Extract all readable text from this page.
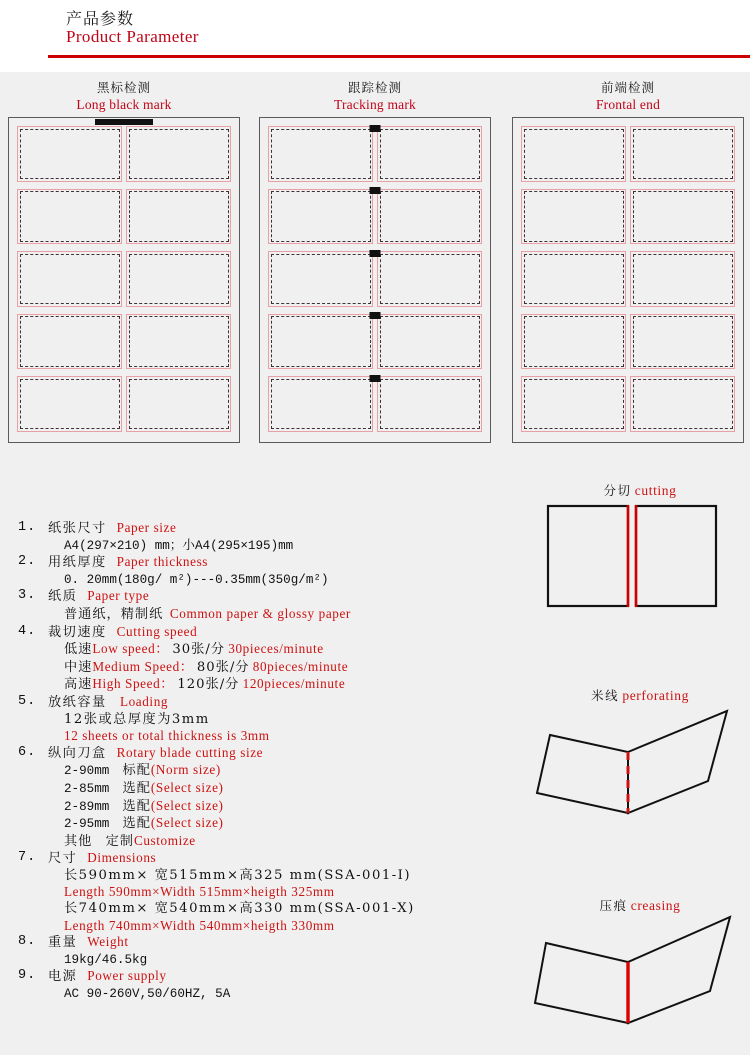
产品参数
Product Parameter
黑标检测
Long black mark
跟踪检测
Tracking mark
前端检测
Frontal end
1. 纸张尺寸 Paper size
A4(297×210) mm；小A4(295×195)mm
2. 用纸厚度 Paper thickness
0. 20mm(180g/ m²)---0.35mm(350g/m²)
3. 纸质 Paper type
普通纸，精制纸 Common paper & glossy paper
4. 裁切速度 Cutting speed
低速Low speed： 30张/分 30pieces/minute
中速Medium Speed： 80张/分 80pieces/minute
高速High Speed： 120张/分 120pieces/minute
5. 放纸容量 Loading
12张或总厚度为3mm
12 sheets or total thickness is 3mm
6. 纵向刀盒 Rotary blade cutting size
2-90mm 标配(Norm size)
2-85mm 选配(Select size)
2-89mm 选配(Select size)
2-95mm 选配(Select size)
其他 定制Customize
7. 尺寸 Dimensions
长590mm× 宽515mm×高325 mm(SSA-001-I)
Length 590mm×Width 515mm×heigth 325mm
长740mm× 宽540mm×高330 mm(SSA-001-X)
Length 740mm×Width 540mm×heigth 330mm
8. 重量 Weight
19kg/46.5kg
9. 电源 Power supply
AC 90-260V,50/60HZ, 5A
分切 cutting
米线 perforating
压痕 creasing
